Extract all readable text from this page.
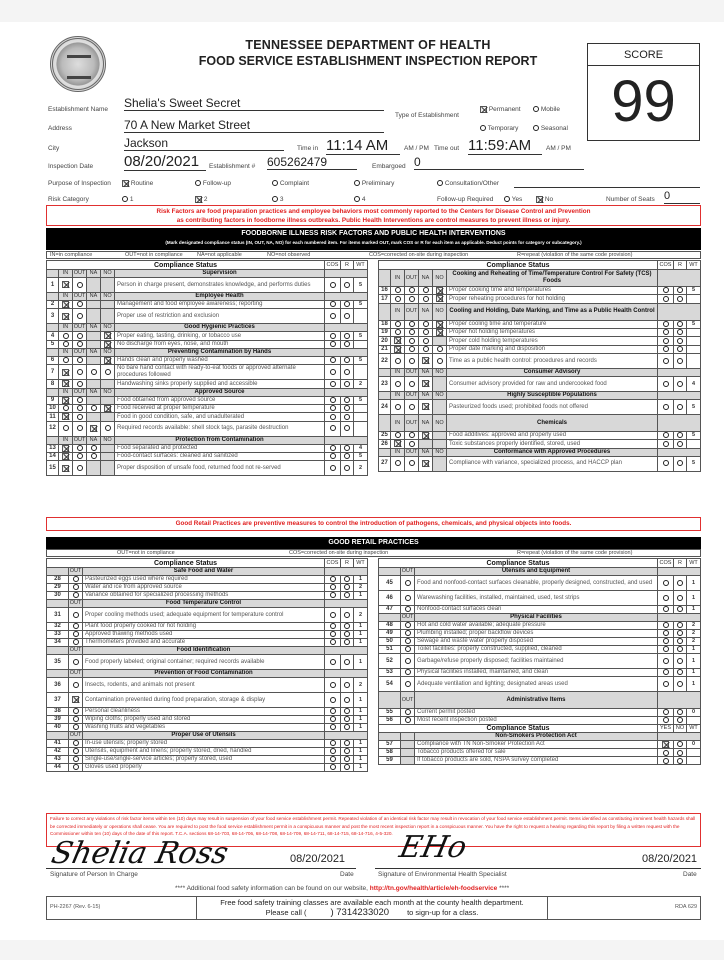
TENNESSEE DEPARTMENT OF HEALTH
FOOD SERVICE ESTABLISHMENT INSPECTION REPORT	SCORE
99
Establishment Name Shelia's Sweet Secret
Type of Establishment
Permanent	Mobile
Address	70 A New Market Street	Temporary	Seasonal
City	Jackson	Time in 11:14 AM	AM / PM Time out 11:59:AM	AM / PM
Inspection Date 08/20/2021	Establishment # 605262479	Embargoed 0
Purpose of Inspection	Routine	Follow-up	Complaint	Preliminary	Consultation/Other
Risk Category	1	2	3	4	Follow-up Required	Yes	No	Number of Seats 0
Risk Factors are food preparation practices and employee behaviors most commonly reported to the Centers for Disease Control and Prevention
as contributing factors in foodborne illness outbreaks. Public Health Interventions are control measures to prevent illness or injury.
FOODBORNE ILLNESS RISK FACTORS AND PUBLIC HEALTH INTERVENTIONS
(Mark designated compliance status (IN, OUT, NA, NO) for each numbered item. For items marked OUT, mark COS or R for each item as applicable. Deduct points for category or subcategory.)
IN=in compliance	OUT=not in compliance	NA=not applicable	NO=not observed	COS=corrected on-site during inspection	R=repeat (violation of the same code provision)
Compliance Status						COS	R	WT
	IN	OUT	NA	NO	Supervision			
1					Person in charge present, demonstrates knowledge, and performs duties			5
	IN	OUT	NA	NO	Employee Health			
2					Management and food employee awareness; reporting			5
3					Proper use of restriction and exclusion			
	IN	OUT	NA	NO	Good Hygienic Practices			
4					Proper eating, tasting, drinking, or tobacco use			5
5					No discharge from eyes, nose, and mouth			
	IN	OUT	NA	NO	Preventing Contamination by Hands			
6					Hands clean and properly washed			5
7					No bare hand contact with ready-to-eat foods or approved alternate procedures followed			
8					Handwashing sinks properly supplied and accessible			2
	IN	OUT	NA	NO	Approved Source			
9					Food obtained from approved source			5
10					Food received at proper temperature			
11					Food in good condition, safe, and unadulterated			
12					Required records available: shell stock tags, parasite destruction			
	IN	OUT	NA	NO	Protection from Contamination			
13					Food separated and protected			4
14					Food-contact surfaces: cleaned and sanitized			5
15					Proper disposition of unsafe food, returned food not re-served			2
Compliance Status						COS	R	WT
	IN	OUT	NA	NO	Cooking and Reheating of Time/Temperature Control For Safety (TCS) Foods			
16					Proper cooking time and temperatures			5
17					Proper reheating procedures for hot holding			
	IN	OUT	NA	NO	Cooling and Holding, Date Marking, and Time as a Public Health Control			
18					Proper cooling time and temperature			5
19					Proper hot holding temperatures			
20					Proper cold holding temperatures			
21					Proper date marking and disposition			
22					Time as a public health control: procedures and records			
	IN	OUT	NA	NO	Consumer Advisory			
23					Consumer advisory provided for raw and undercooked food			4
	IN	OUT	NA	NO	Highly Susceptible Populations			
24					Pasteurized foods used; prohibited foods not offered			5
	IN	OUT	NA	NO	Chemicals			
25					Food additives: approved and properly used			5
26					Toxic substances properly identified, stored, used			
	IN	OUT	NA	NO	Conformance with Approved Procedures			
27					Compliance with variance, specialized process, and HACCP plan			5
Good Retail Practices are preventive measures to control the introduction of pathogens, chemicals, and physical objects into foods.
GOOD RETAIL PRACTICES
OUT=not in compliance	COS=corrected on-site during inspection	R=repeat (violation of the same code provision)
Compliance Status			COS	R	WT
	OUT	Safe Food and Water			
28		Pasteurized eggs used where required			1
29		Water and ice from approved source			2
30		Variance obtained for specialized processing methods			1
	OUT	Food Temperature Control			
31		Proper cooling methods used; adequate equipment for temperature control			2
32		Plant food properly cooked for hot holding			1
33		Approved thawing methods used			1
34		Thermometers provided and accurate			1
	OUT	Food Identification			
35		Food properly labeled; original container; required records available			1
	OUT	Prevention of Food Contamination			
36		Insects, rodents, and animals not present			2
37		Contamination prevented during food preparation, storage & display			1
38		Personal cleanliness			1
39		Wiping cloths; properly used and stored			1
40		Washing fruits and vegetables			1
	OUT	Proper Use of Utensils			
41		In-use utensils; properly stored			1
42		Utensils, equipment and linens; properly stored, dried, handled			1
43		Single-use/single-service articles; properly stored, used			1
44		Gloves used properly			1
Compliance Status			COS	R	WT
	OUT	Utensils and Equipment			
45		Food and nonfood-contact surfaces cleanable, properly designed, constructed, and used			1
46		Warewashing facilities, installed, maintained, used, test strips			1
47		Nonfood-contact surfaces clean			1
	OUT	Physical Facilities			
48		Hot and cold water available; adequate pressure			2
49		Plumbing installed; proper backflow devices			2
50		Sewage and waste water properly disposed			2
51		Toilet facilities: properly constructed, supplied, cleaned			1
52		Garbage/refuse properly disposed; facilities maintained			1
53		Physical facilities installed, maintained, and clean			1
54		Adequate ventilation and lighting; designated areas used			1
	OUT	Administrative Items			
55		Current permit posted			0
56		Most recent inspection posted			
Compliance Status			YES	NO	WT
		Non-Smokers Protection Act			
57		Compliance with TN Non-Smoker Protection Act			0
58		Tobacco products offered for sale			
59		If tobacco products are sold, NSPA survey completed			
Failure to correct any violations of risk factor items within ten (10) days may result in suspension of your food service establishment permit. Repeated violation of an identical risk factor may result in revocation of your food service establishment permit. Items identified as constituting imminent health hazards shall be corrected immediately or operations shall cease. You are required to post the food service establishment permit in a conspicuous manner and post the most recent inspection report in a conspicuous manner. You have the right to request a hearing regarding this report by filing a written request with the Commissioner within ten (10) days of the date of this report. T.C.A. sections 68-14-703, 68-14-706, 68-14-708, 68-14-709, 68-14-711, 68-14-715, 68-14-716, 4-5-320.
Shelia Ross	08/20/2021
Signature of Person In Charge	Date
EHo	08/20/2021
Signature of Environmental Health Specialist	Date
**** Additional food safety information can be found on our website, http://tn.gov/health/article/eh-foodservice ****
PH-2267 (Rev. 6-15)	Free food safety training classes are available each month at the county health department.
Please call (	) 7314233020 to sign-up for a class.
RDA 629
